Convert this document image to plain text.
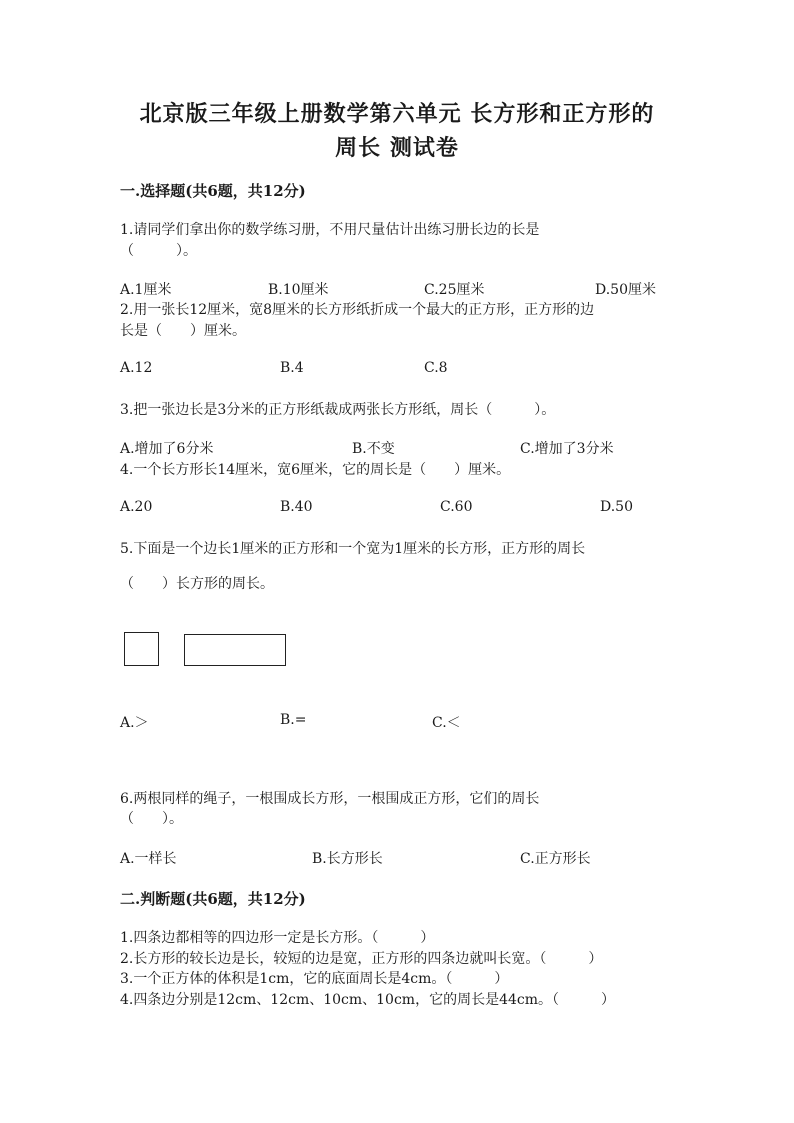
北京版三年级上册数学第六单元 长方形和正方形的
周长 测试卷
一.选择题(共6题，共12分)
1.请同学们拿出你的数学练习册，不用尺量估计出练习册长边的长是
（　　　）。
A.1厘米	B.10厘米	C.25厘米	D.50厘米
2.用一张长12厘米，宽8厘米的长方形纸折成一个最大的正方形，正方形的边
长是（　　）厘米。
A.12	B.4	C.8
3.把一张边长是3分米的正方形纸裁成两张长方形纸，周长（　　　）。
A.增加了6分米	B.不变	C.增加了3分米
4.一个长方形长14厘米，宽6厘米，它的周长是（　　）厘米。
A.20	B.40	C.60	D.50
5.下面是一个边长1厘米的正方形和一个宽为1厘米的长方形，正方形的周长
（　　）长方形的周长。
A.＞	B.=	C.＜
6.两根同样的绳子，一根围成长方形，一根围成正方形，它们的周长
（　　）。
A.一样长	B.长方形长	C.正方形长
二.判断题(共6题，共12分)
1.四条边都相等的四边形一定是长方形。（　　　）
2.长方形的较长边是长，较短的边是宽，正方形的四条边就叫长宽。（　　　）
3.一个正方体的体积是1cm，它的底面周长是4cm。（　　　）
4.四条边分别是12cm、12cm、10cm、10cm，它的周长是44cm。（　　　）
